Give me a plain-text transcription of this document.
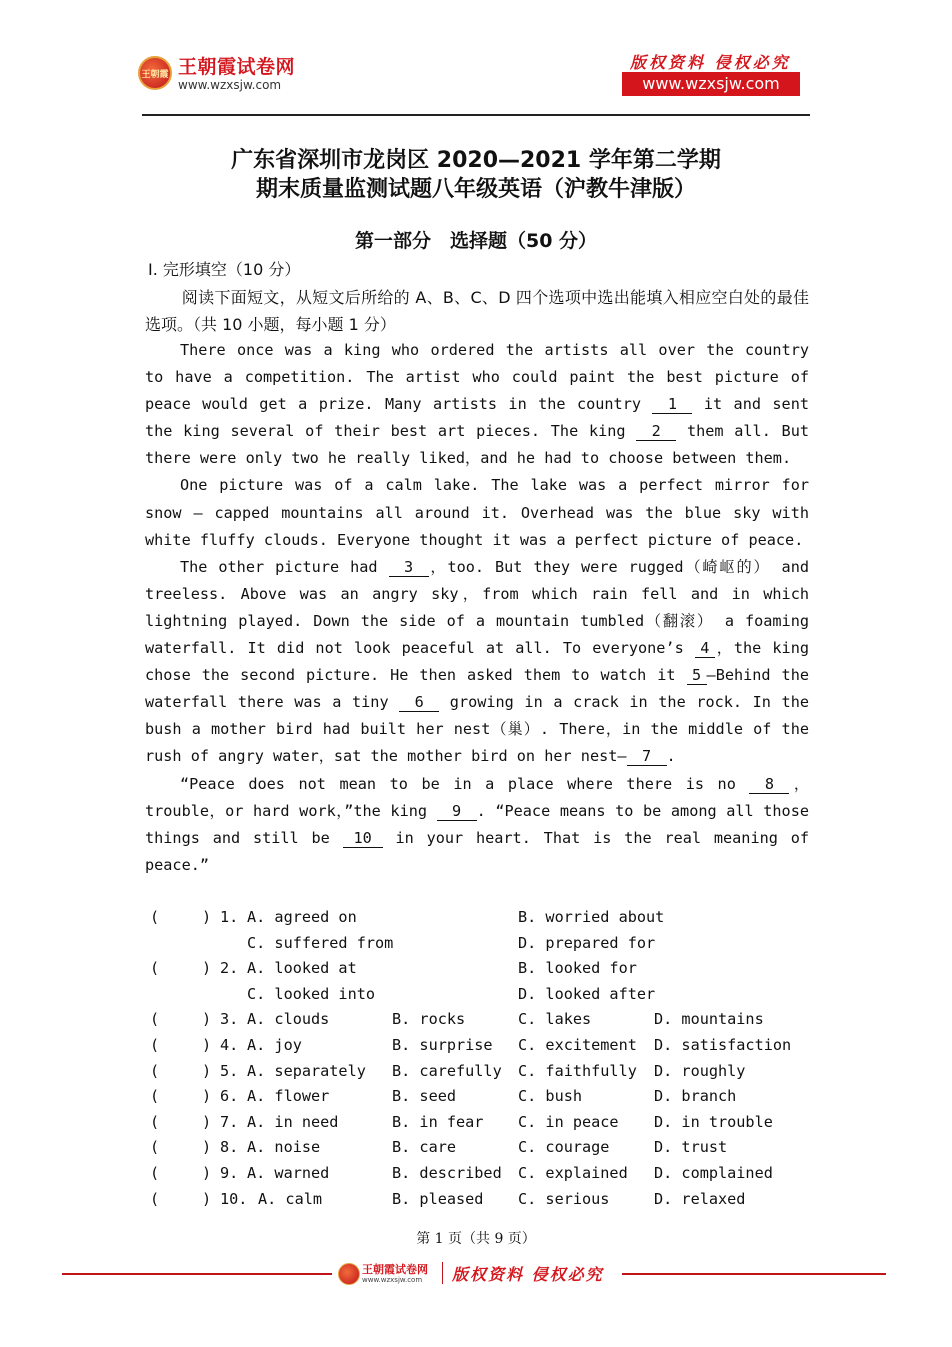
王朝霞 王朝霞试卷网
www.wzxsjw.com
版权资料 侵权必究
www.wzxsjw.com
广东省深圳市龙岗区 2020—2021 学年第二学期
期末质量监测试题八年级英语（沪教牛津版）
第一部分　选择题（50 分）
Ⅰ. 完形填空（10 分）

阅读下面短文，从短文后所给的 A、B、C、D 四个选项中选出能填入相应空白处的最佳选项。（共 10 小题，每小题 1 分）

There once was a king who ordered the artists all over the country to have a competition. The artist who could paint the best picture of peace would get a prize. Many artists in the country 1 it and sent the king several of their best art pieces. The king 2 them all. But there were only two he really liked，and he had to choose between them.

One picture was of a calm lake. The lake was a perfect mirror for snow — capped mountains all around it. Overhead was the blue sky with white fluffy clouds. Everyone thought it was a perfect picture of peace.

The other picture had 3 ，too. But they were rugged（崎岖的） and treeless. Above was an angry sky，from which rain fell and in which lightning played. Down the side of a mountain tumbled（翻滚） a foaming waterfall. It did not look peaceful at all. To everyone’s 4 ，the king chose the second picture. He then asked them to watch it 5 —Behind the waterfall there was a tiny 6 growing in a crack in the rock. In the bush a mother bird had built her nest（巢）. There，in the middle of the rush of angry water，sat the mother bird on her nest— 7 .

“Peace does not mean to be in a place where there is no 8 ，trouble，or hard work，”the king 9 . “Peace means to be among all those things and still be 10 in your heart. That is the real meaning of peace.”

(	) 1. A. agreed on	B. worried about
C. suffered from	D. prepared for
(	) 2. A. looked at	B. looked for
C. looked into	D. looked after
(	) 3. A. clouds	B. rocks	C. lakes	D. mountains
(	) 4. A. joy	B. surprise C. excitement D. satisfaction
(	) 5. A. separately B. carefully C. faithfully D. roughly
(	) 6. A. flower	B. seed	C. bush	D. branch
(	) 7. A. in need	B. in fear C. in peace D. in trouble
(	) 8. A. noise	B. care	C. courage	D. trust
(	) 9. A. warned	B. described C. explained D. complained
(	) 10. A. calm	B. pleased C. serious	D. relaxed
第 1 页（共 9 页）
王朝霞试卷网
www.wzxsjw.com 版权资料 侵权必究
